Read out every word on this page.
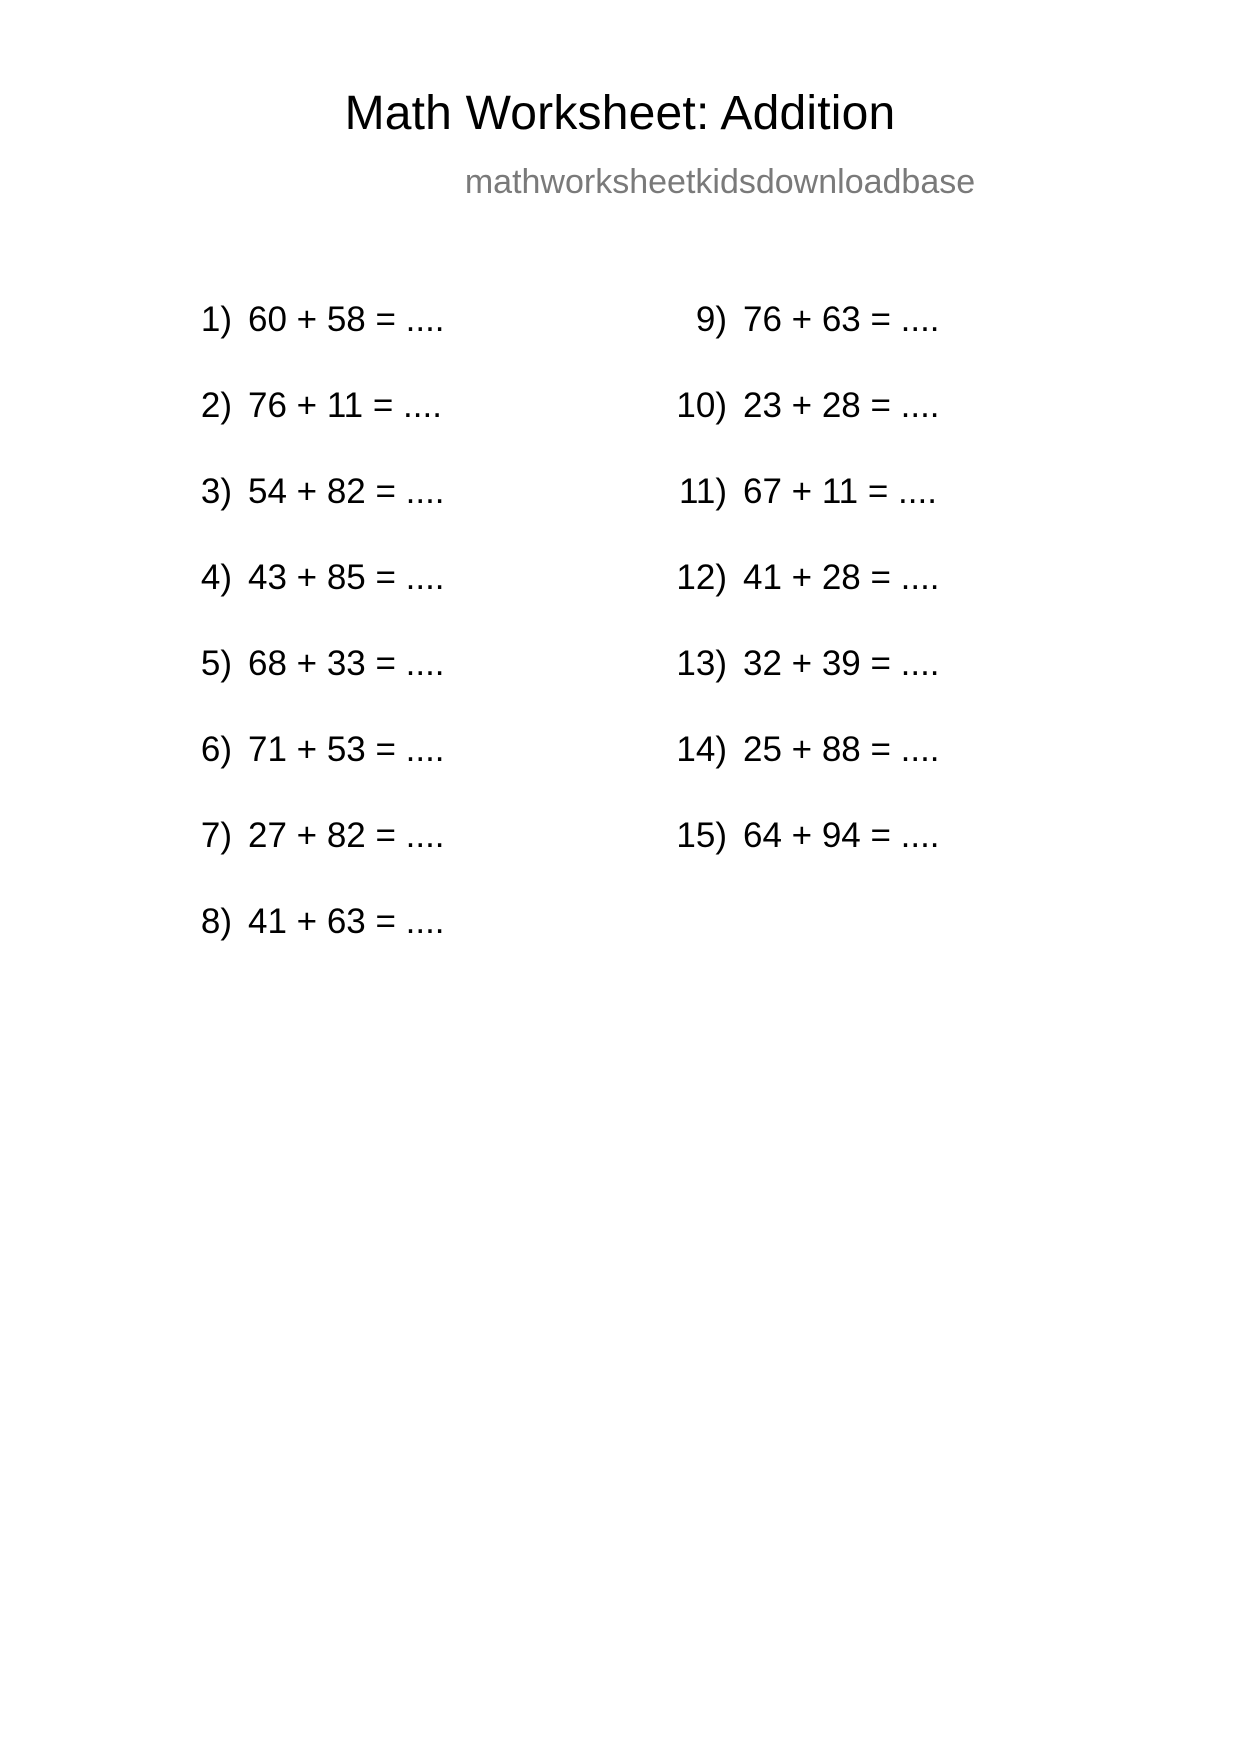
Math Worksheet: Addition
mathworksheetkidsdownloadbase
1) 60 + 58 = ....
2) 76 + 11 = ....
3) 54 + 82 = ....
4) 43 + 85 = ....
5) 68 + 33 = ....
6) 71 + 53 = ....
7) 27 + 82 = ....
8) 41 + 63 = ....
9) 76 + 63 = ....
10) 23 + 28 = ....
11) 67 + 11 = ....
12) 41 + 28 = ....
13) 32 + 39 = ....
14) 25 + 88 = ....
15) 64 + 94 = ....
